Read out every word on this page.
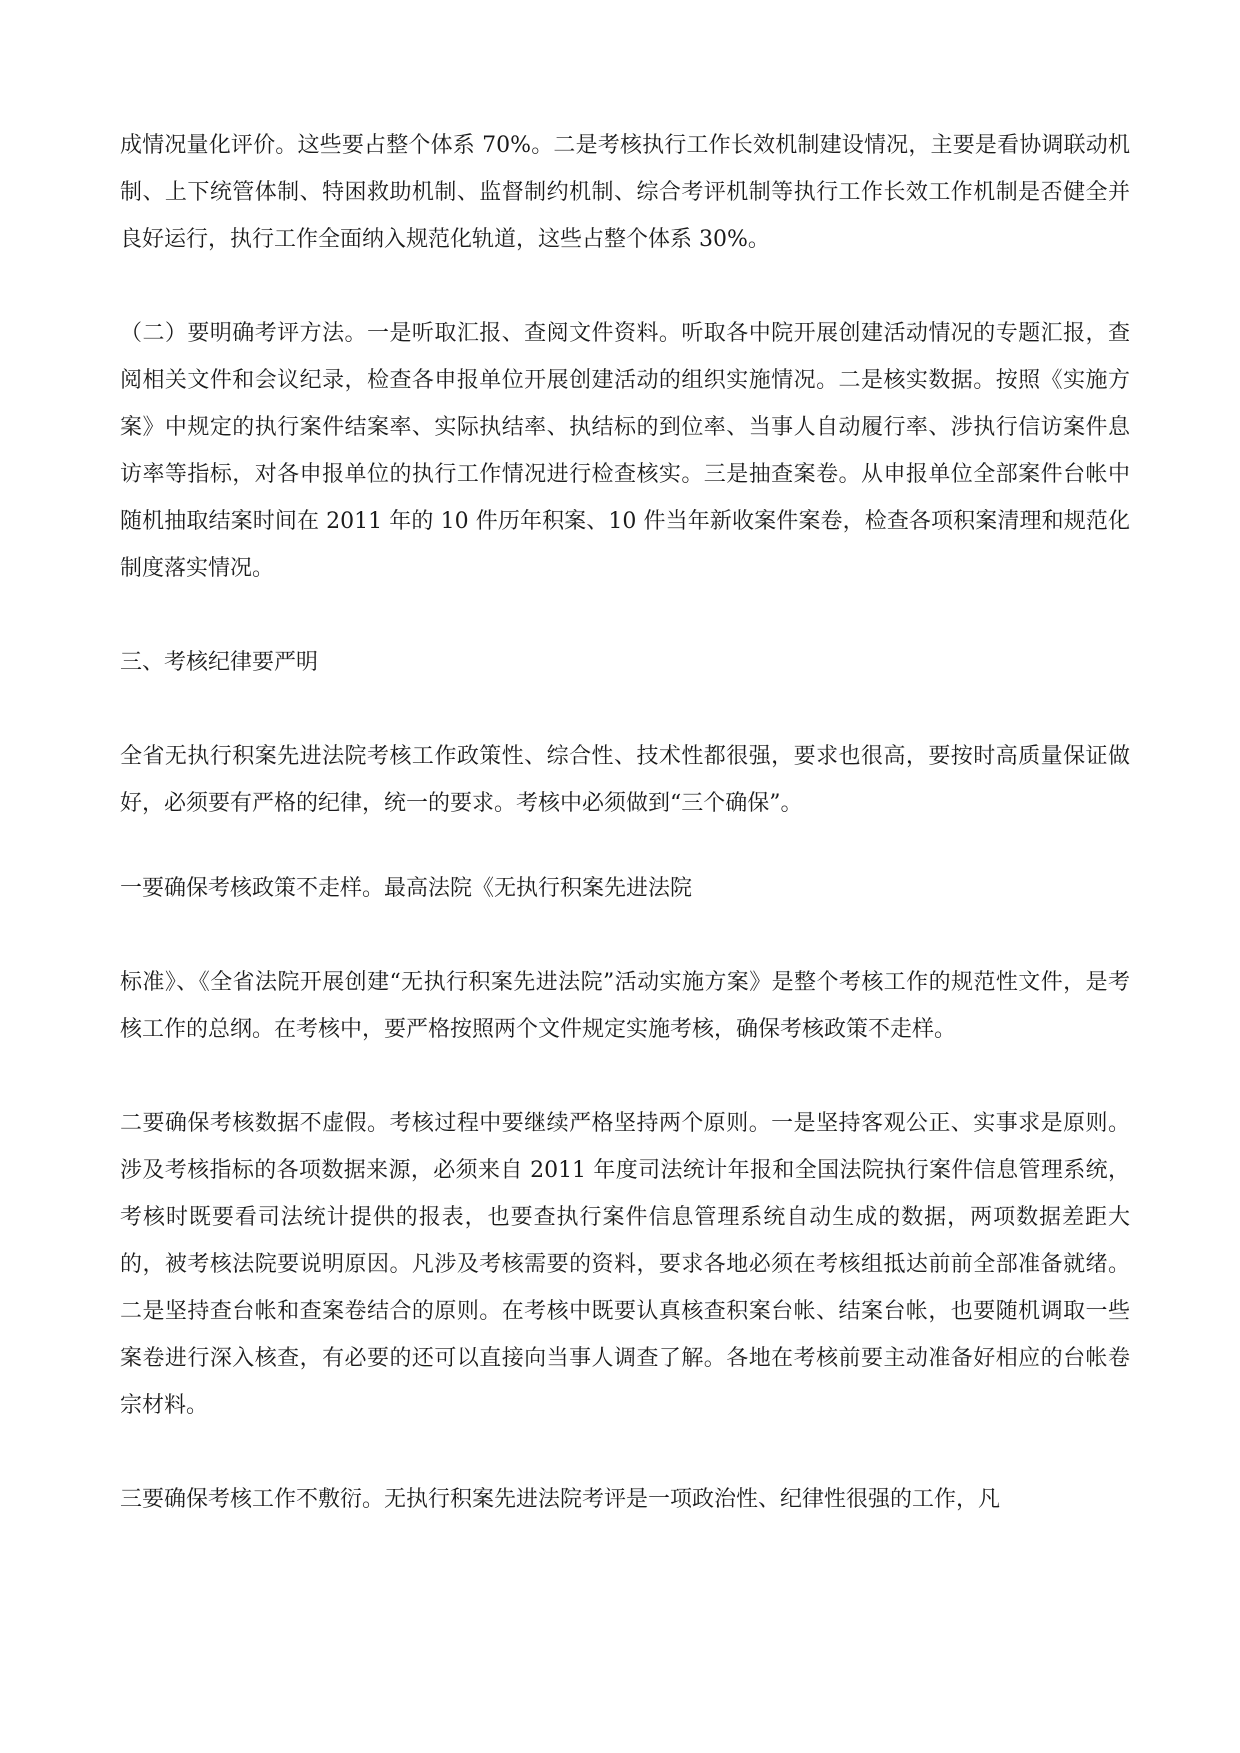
成情况量化评价。这些要占整个体系 70%。二是考核执行工作长效机制建设情况，主要是看协调联动机制、上下统管体制、特困救助机制、监督制约机制、综合考评机制等执行工作长效工作机制是否健全并良好运行，执行工作全面纳入规范化轨道，这些占整个体系 30%。

（二）要明确考评方法。一是听取汇报、查阅文件资料。听取各中院开展创建活动情况的专题汇报，查阅相关文件和会议纪录，检查各申报单位开展创建活动的组织实施情况。二是核实数据。按照《实施方案》中规定的执行案件结案率、实际执结率、执结标的到位率、当事人自动履行率、涉执行信访案件息访率等指标，对各申报单位的执行工作情况进行检查核实。三是抽查案卷。从申报单位全部案件台帐中随机抽取结案时间在 2011 年的 10 件历年积案、10 件当年新收案件案卷，检查各项积案清理和规范化制度落实情况。

三、考核纪律要严明

全省无执行积案先进法院考核工作政策性、综合性、技术性都很强，要求也很高，要按时高质量保证做好，必须要有严格的纪律，统一的要求。考核中必须做到“三个确保”。

一要确保考核政策不走样。最高法院《无执行积案先进法院

标准》、《全省法院开展创建“无执行积案先进法院”活动实施方案》是整个考核工作的规范性文件，是考核工作的总纲。在考核中，要严格按照两个文件规定实施考核，确保考核政策不走样。

二要确保考核数据不虚假。考核过程中要继续严格坚持两个原则。一是坚持客观公正、实事求是原则。涉及考核指标的各项数据来源，必须来自 2011 年度司法统计年报和全国法院执行案件信息管理系统，考核时既要看司法统计提供的报表，也要查执行案件信息管理系统自动生成的数据，两项数据差距大的，被考核法院要说明原因。凡涉及考核需要的资料，要求各地必须在考核组抵达前前全部准备就绪。二是坚持查台帐和查案卷结合的原则。在考核中既要认真核查积案台帐、结案台帐，也要随机调取一些案卷进行深入核查，有必要的还可以直接向当事人调查了解。各地在考核前要主动准备好相应的台帐卷宗材料。

三要确保考核工作不敷衍。无执行积案先进法院考评是一项政治性、纪律性很强的工作，凡
